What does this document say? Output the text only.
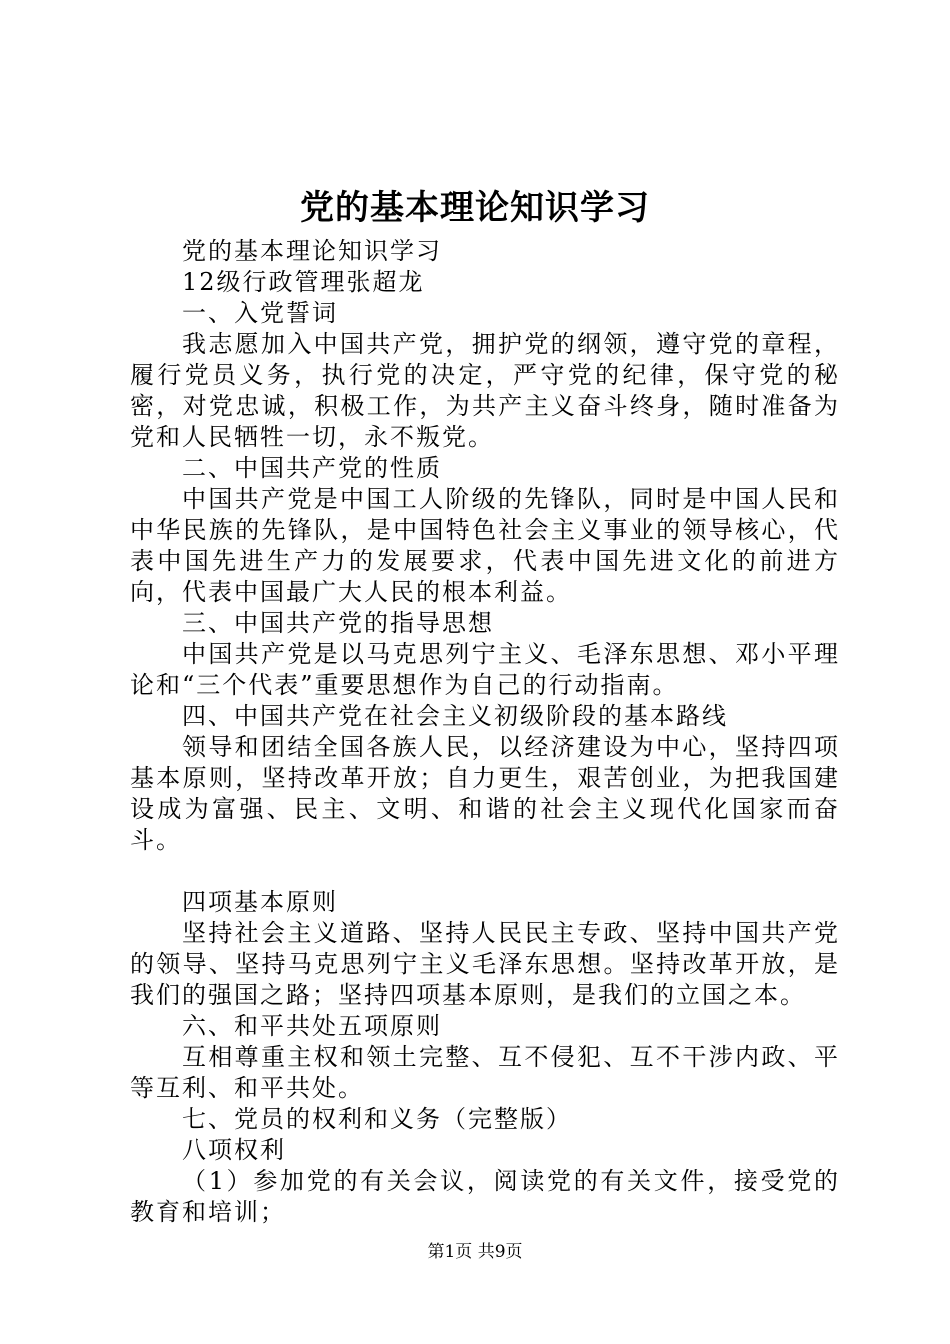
党的基本理论知识学习

党的基本理论知识学习

12级行政管理张超龙

一、入党誓词

我志愿加入中国共产党，拥护党的纲领，遵守党的章程，履行党员义务，执行党的决定，严守党的纪律，保守党的秘密，对党忠诚，积极工作，为共产主义奋斗终身，随时准备为党和人民牺牲一切，永不叛党。

二、中国共产党的性质

中国共产党是中国工人阶级的先锋队，同时是中国人民和中华民族的先锋队，是中国特色社会主义事业的领导核心，代表中国先进生产力的发展要求，代表中国先进文化的前进方向，代表中国最广大人民的根本利益。

三、中国共产党的指导思想

中国共产党是以马克思列宁主义、毛泽东思想、邓小平理论和“三个代表”重要思想作为自己的行动指南。

四、中国共产党在社会主义初级阶段的基本路线

领导和团结全国各族人民，以经济建设为中心，坚持四项基本原则，坚持改革开放；自力更生，艰苦创业，为把我国建设成为富强、民主、文明、和谐的社会主义现代化国家而奋斗。

四项基本原则

坚持社会主义道路、坚持人民民主专政、坚持中国共产党的领导、坚持马克思列宁主义毛泽东思想。坚持改革开放，是我们的强国之路；坚持四项基本原则，是我们的立国之本。

六、和平共处五项原则

互相尊重主权和领土完整、互不侵犯、互不干涉内政、平等互利、和平共处。

七、党员的权利和义务（完整版）

八项权利

（1）参加党的有关会议，阅读党的有关文件，接受党的教育和培训；

第1页 共9页
